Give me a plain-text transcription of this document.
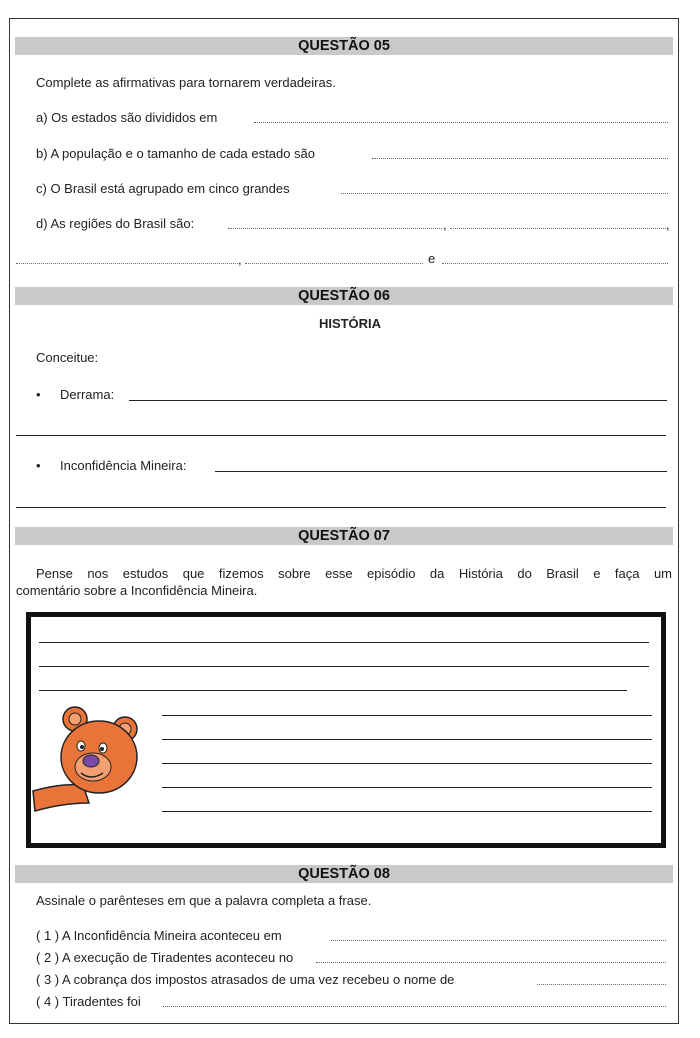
QUESTÃO 05
Complete as afirmativas para tornarem verdadeiras.
a) Os estados são divididos em
b) A população e o tamanho de cada estado são
c) O Brasil está agrupado em cinco grandes
d) As regiões do Brasil são:	,	,
,	e
QUESTÃO 06
HISTÓRIA
Conceitue:
• Derrama:
• Inconfidência Mineira:
QUESTÃO 07
Pense nos estudos que fizemos sobre esse episódio da História do Brasil e faça um
comentário sobre a Inconfidência Mineira.
QUESTÃO 08
Assinale o parênteses em que a palavra completa a frase.
( 1 ) A Inconfidência Mineira aconteceu em
( 2 ) A execução de Tiradentes aconteceu no
( 3 ) A cobrança dos impostos atrasados de uma vez recebeu o nome de
( 4 ) Tiradentes foi
